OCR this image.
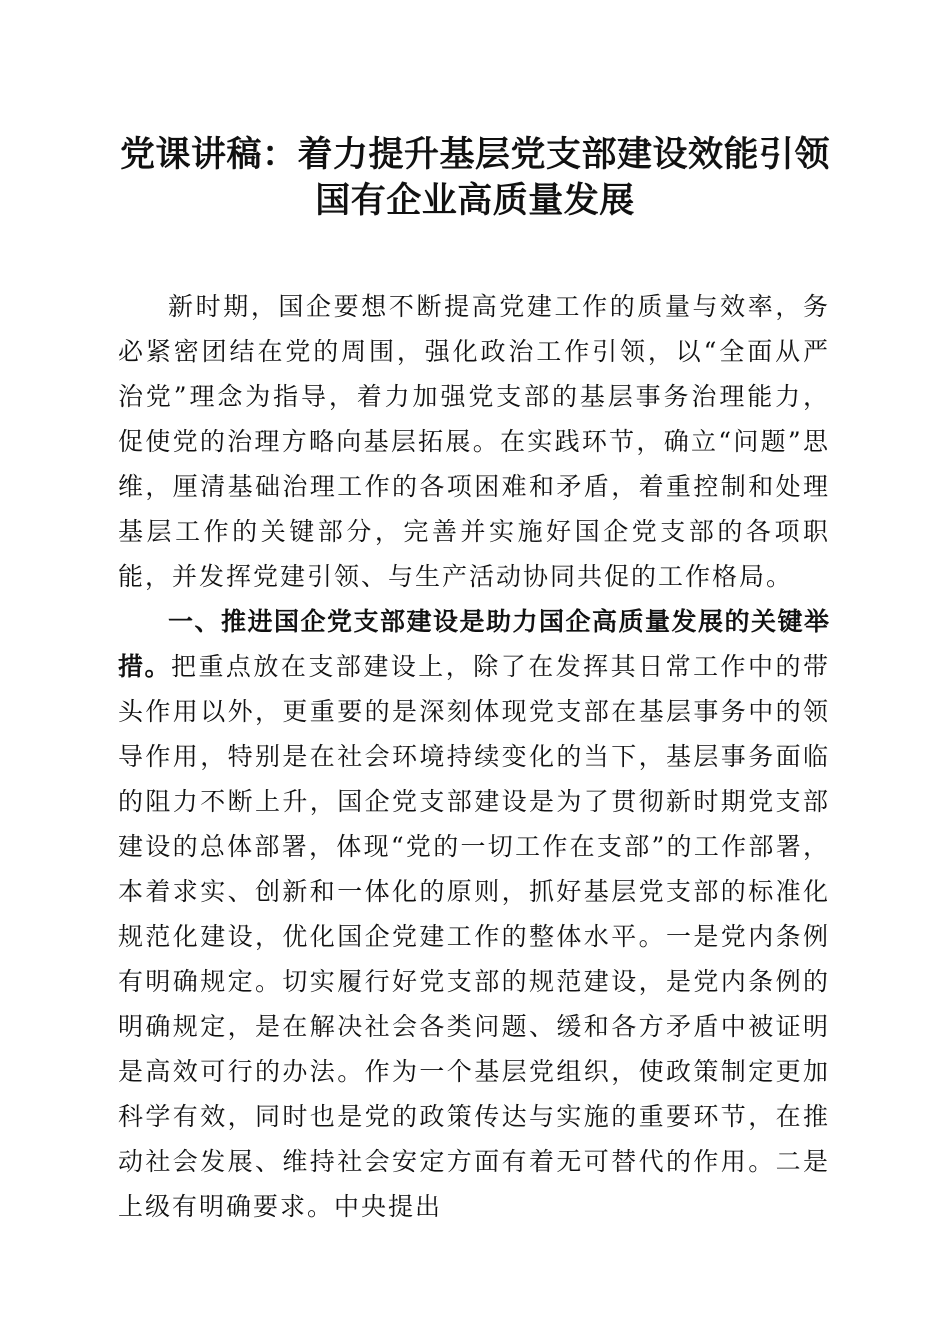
党课讲稿：着力提升基层党支部建设效能引领
国有企业高质量发展

新时期，国企要想不断提高党建工作的质量与效率，务必紧密团结在党的周围，强化政治工作引领，以“全面从严治党”理念为指导，着力加强党支部的基层事务治理能力，促使党的治理方略向基层拓展。在实践环节，确立“问题”思维，厘清基础治理工作的各项困难和矛盾，着重控制和处理基层工作的关键部分，完善并实施好国企党支部的各项职能，并发挥党建引领、与生产活动协同共促的工作格局。

一、推进国企党支部建设是助力国企高质量发展的关键举措。把重点放在支部建设上，除了在发挥其日常工作中的带头作用以外，更重要的是深刻体现党支部在基层事务中的领导作用，特别是在社会环境持续变化的当下，基层事务面临的阻力不断上升，国企党支部建设是为了贯彻新时期党支部建设的总体部署，体现“党的一切工作在支部”的工作部署，本着求实、创新和一体化的原则，抓好基层党支部的标准化规范化建设，优化国企党建工作的整体水平。一是党内条例有明确规定。切实履行好党支部的规范建设，是党内条例的明确规定，是在解决社会各类问题、缓和各方矛盾中被证明是高效可行的办法。作为一个基层党组织，使政策制定更加科学有效，同时也是党的政策传达与实施的重要环节，在推动社会发展、维持社会安定方面有着无可替代的作用。二是上级有明确要求。中央提出
